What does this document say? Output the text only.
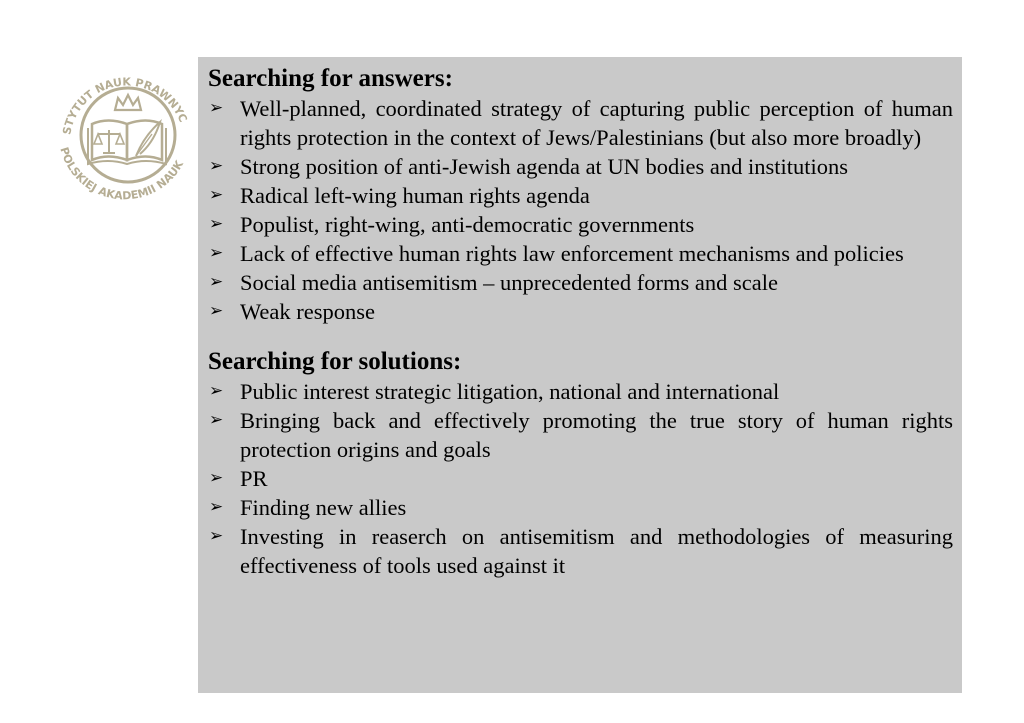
STYTUT NAUK PRAWNYC
POLSKIEJ AKADEMII NAUK
Searching for answers:
➢ Well-planned, coordinated strategy of capturing public perception of human rights protection in the context of Jews/Palestinians (but also more broadly)
➢ Strong position of anti-Jewish agenda at UN bodies and institutions
➢ Radical left-wing human rights agenda
➢ Populist, right-wing, anti-democratic governments
➢ Lack of effective human rights law enforcement mechanisms and policies
➢ Social media antisemitism – unprecedented forms and scale
➢ Weak response
Searching for solutions:
➢ Public interest strategic litigation, national and international
➢ Bringing back and effectively promoting the true story of human rights protection origins and goals
➢ PR
➢ Finding new allies
➢ Investing in reaserch on antisemitism and methodologies of measuring effectiveness of tools used against it
